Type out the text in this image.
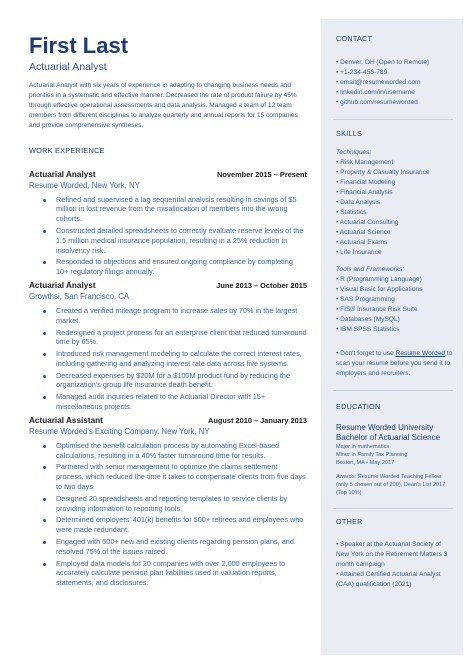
First Last
Actuarial Analyst
Actuarial Analyst with six years of experience in adapting to changing business needs and priorities in a systematic and effective manner. Decreased the rate of product failure by 45% through effective operational assessments and data analysis. Managed a team of 12 team members from different disciplines to analyze quarterly and annual reports for 15 companies and provide comprehensive syntheses.
WORK EXPERIENCE
Actuarial Analyst	November 2015 – Present
Resume Worded, New York, NY
Refined and supervised a lag sequential analysis resulting in savings of $5 million in lost revenue from the misallocation of members into the wrong cohorts.
Constructed detailed spreadsheets to correctly evaluate reserve levels of the 1.5 million medical insurance population, resulting in a 25% reduction in insolvency risk.
Responded to objections and ensured ongoing compliance by completing 10+ regulatory filings annually.
Actuarial Analyst	June 2013 – October 2015
Growthsi, San Francisco, CA
Created a verified mileage program to increase sales by 70% in the largest market.
Redesigned a project process for an enterprise client that reduced turnaround time by 65%.
Introduced risk management modeling to calculate the correct interest rates, including gathering and analyzing interest rate data across five systems.
Decreased expenses by $20M for a $100M product fund by reducing the organization's group life insurance death benefit.
Managed audit inquiries related to the Actuarial Director with 15+ miscellaneous projects.
Actuarial Assistant	August 2010 – January 2013
Resume Worded's Exciting Company, New York, NY
Optimised the benefit calculation process by automating Excel-based calculations, resulting in a 40% faster turnaround time for results.
Partnered with senior management to optimize the claims settlement process, which reduced the time it takes to compensate clients from five days to two days.
Designed 20 spreadsheets and reporting templates to service clients by providing information to reporting tools.
Determined employers' 401(k) benefits for 500+ retirees and employees who were made redundant.
Engaged with 500+ new and existing clients regarding pension plans, and resolved 75% of the issues raised.
Employed data models for 20 companies with over 2,000 employees to accurately calculate pension plan liabilities used in valuation reports, statements, and disclosures.
CONTACT
• Denver, OH (Open to Remote)
• +1-234-456-789
• email@resumeworded.com
• linkedin.com/in/username
• github.com/resumeworded
SKILLS
Techniques:
• Risk Management
• Property & Casualty Insurance
• Financial Modeling
• Financial Analysis
• Data Analysis
• Statistics
• Actuarial Consulting
• Actuarial Science
• Actuarial Exams
• Life Insurance
Tools and Frameworks:
• R (Programming Language)
• Visual Basic for Applications
• SAS Programming
• FIS® Insurance Risk Suite
• Databases (MySQL)
• IBM SPSS Statistics
• Don't forget to use Resume Worded to scan your resume before you send it to employers and recruiters.
EDUCATION
Resume Worded University
Bachelor of Actuarial Science
Major in mathematics
Minor in Family Tax Planning
Boston, MA • May 2017
Awards: Resume Worded Teaching Fellow (only 5 chosen out of 200), Dean's List 2017 (Top 10%)
OTHER
• Speaker at the Actuarial Society of New York on the Retirement Matters 3 month campaign
• Attained Certified Actuarial Analyst (CAA) qualification (2021)
